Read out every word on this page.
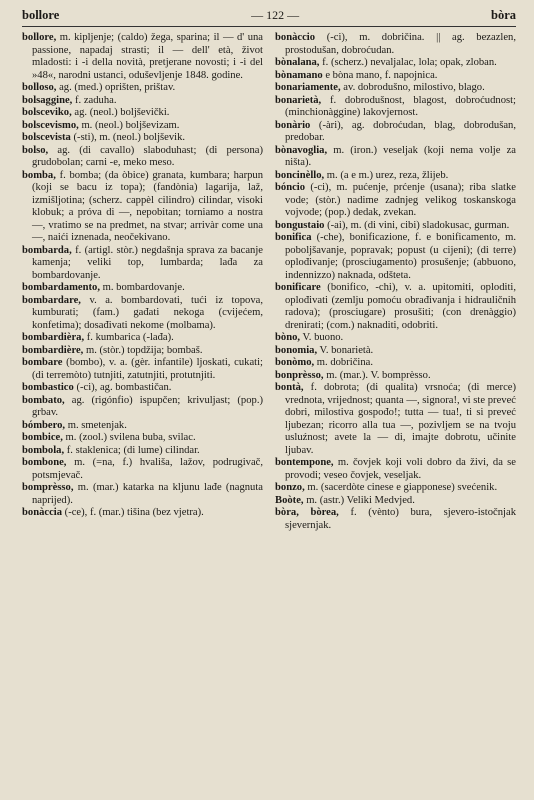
bollore	— 122 —	bòra

bollore, m. kipljenje; (caldo) žega, sparina; il — d' una passione, napadaj strasti; il — dell' età, život mladosti: i -i della novità, pretjerane novosti; i -i del »48«, narodni ustanci, oduševljenje 1848. godine.

bolloso, ag. (med.) oprišten, prištav.

bolsaggine, f. zaduha.

bolsceviko, ag. (neol.) boljševički.

bolscevismo, m. (neol.) boljševizam.

bolscevista (-sti), m. (neol.) boljševik.

bolso, ag. (di cavallo) slaboduhast; (di persona) grudobolan; carni -e, meko meso.

bomba, f. bomba; (da òbice) granata, kumbara; harpun (koji se bacu iz topa); (fandònia) lagarija, laž, izmišljotina; (scherz. cappèl cilindro) cilindar, visoki klobuk; a próva di —, nepobitan; torniamo a nostra —, vratimo se na predmet, na stvar; arrivàr come una —, naići iznenada, neočekivano.

bombarda, f. (artigl. stòr.) negdašnja sprava za bacanje kamenja; veliki top, lumbarda; lađa za bombardovanje.

bombardamento, m. bombardovanje.

bombardare, v. a. bombardovati, tući iz topova, kumburati; (fam.) gađati nekoga (cvijećem, konfetima); dosađivati nekome (molbama).

bombardièra, f. kumbarica (-lađa).

bombardière, m. (stòr.) topdžija; bombaš.

bombare (bombo), v. a. (gèr. infantile) ljoskati, cukati; (di terremòto) tutnjiti, zatutnjiti, protutnjiti.

bombastico (-ci), ag. bombastičan.

bombato, ag. (rigónfio) ispupčen; krivuljast; (pop.) grbav.

bómbero, m. smetenjak.

bombice, m. (zool.) svilena buba, svilac.

bombola, f. staklenica; (di lume) cilindar.

bombone, m. (=na, f.) hvališa, lažov, podrugivač, potsmjevač.

bomprèsso, m. (mar.) katarka na kljunu lađe (nagnuta naprijed).

bonàccia (-ce), f. (mar.) tišina (bez vjetra).

bonàccio (-ci), m. dobričina. || ag. bezazlen, prostodušan, dobroćudan.

bònalana, f. (scherz.) nevaljalac, lola; opak, zloban.

bònamano e bòna mano, f. napojnica.

bonariamente, av. dobrodušno, milostivo, blago.

bonarietà, f. dobrodušnost, blagost, dobroćudnost; (minchionàggine) lakovjernost.

bonàrio (-àri), ag. dobroćudan, blag, dobrodušan, predobar.

bònavoglia, m. (iron.) veseljak (koji nema volje za ništa).

boncinèllo, m. (a e m.) urez, reza, žlijeb.

bóncio (-ci), m. pućenje, prćenje (usana); riba slatke vode; (stòr.) nadime zadnjeg velikog toskanskoga vojvode; (pop.) dedak, zvekan.

bongustaio (-ai), m. (di vini, cibi) sladokusac, gurman.

bonifica (-che), bonificazione, f. e bonificamento, m. poboljšavanje, popravak; popust (u cijeni); (di terre) oplođivanje; (prosciugamento) prosušenje; (abbuono, indennizzo) naknada, odšteta.

bonificare (bonifico, -chi), v. a. upitomiti, oploditi, oplođivati (zemlju pomoću obrađivanja i hidrauličnih radova); (prosciugare) prosušiti; (con drenàggio) drenirati; (com.) naknaditi, odobriti.

bòno, V. buono.

bonomia, V. bonarietà.

bonòmo, m. dobričina.

bonprèsso, m. (mar.). V. bomprèsso.

bontà, f. dobrota; (di qualita) vrsnoća; (di merce) vrednota, vrijednost; quanta —, signora!, vi ste preveć dobri, milostiva gospođo!; tutta — tua!, ti si preveć ljubezan; ricorro alla tua —, pozivljem se na tvoju usluźnost; avete la — di, imajte dobrotu, učinite ljubav.

bontempone, m. čovjek koji voli dobro da živi, da se provodi; veseo čovjek, veseljak.

bonzo, m. (sacerdòte cinese e giapponese) svećenik.

Boòte, m. (astr.) Veliki Medvjed.

bòra, bòrea, f. (vènto) bura, sjevero-istočnjak sjevernjak.
